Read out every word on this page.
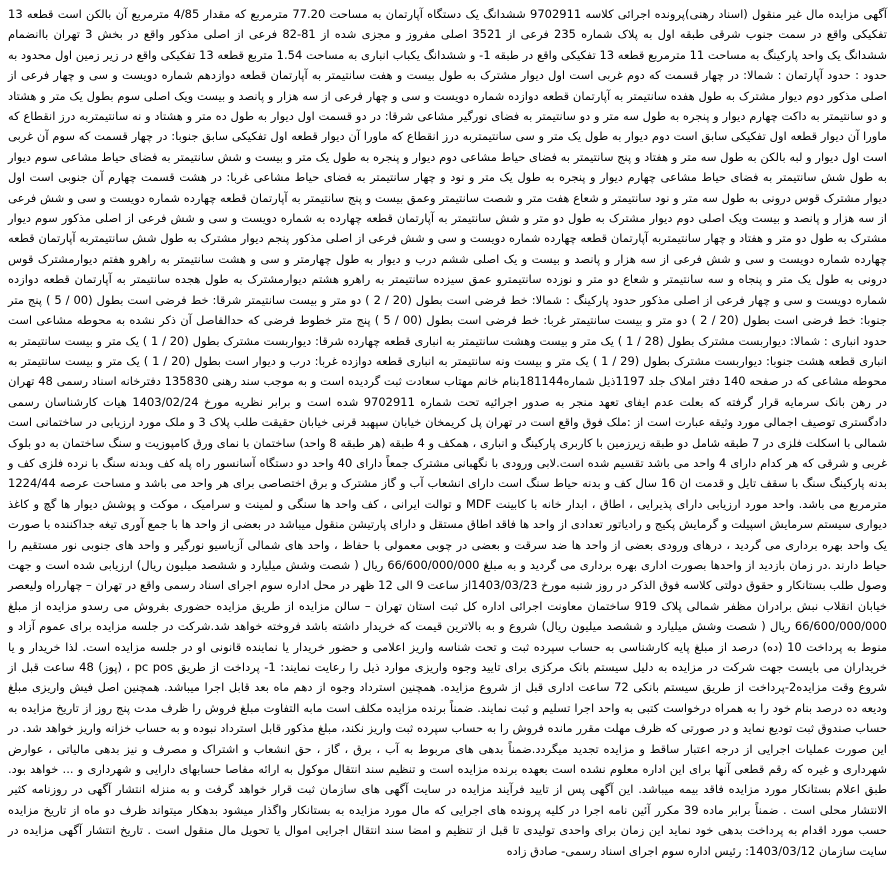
آگهی مزایده مال غیر منقول (اسناد رهنی)پرونده اجرائی کلاسه 9702911 ششدانگ یک دستگاه آپارتمان به مساحت 77.20 مترمربع که مقدار 4/85 مترمربع آن بالکن است قطعه 13 تفکیکی واقع در سمت جنوب شرقی طبقه اول به پلاک شماره 235 فرعی از 3521 اصلی مفروز و مجزی شده از 81-82 فرعی از اصلی مذکور واقع در بخش 3 تهران باانضمام ششدانگ یک واحد پارکینگ به مساحت 11 مترمربع قطعه 13 تفکیکی واقع در طبقه 1- و ششدانگ یکباب انباری به مساحت 1.54 متربع قطعه 13 تفکیکی واقع در زیر زمین اول محدود به حدود : حدود آپارتمان : شمالا: در چهار قسمت که دوم غربی است اول دیوار مشترک به طول بیست و هفت سانتیمتر به آپارتمان قطعه دوازدهم شماره دویست و سی و چهار فرعی از اصلی مذکور دوم دیوار مشترک به طول هفده سانتیمتر به آپارتمان قطعه دوازده شماره دویست و سی و چهار فرعی از سه هزار و پانصد و بیست ویک اصلی سوم بطول یک متر و هشتاد و دو سانتیمتر به داکت چهارم دیوار و پنجره به طول سه متر و دو سانتیمتر به فضای نورگیر مشاعی شرقا: در دو قسمت اول دیوار به طول ده متر و هشتاد و نه سانتیمتربه درز انقطاع که ماورا آن دیوار قطعه اول تفکیکی سابق است دوم دیوار به طول یک متر و سی سانتیمتربه درز انقطاع که ماورا آن دیوار قطعه اول تفکیکی سابق جنوبا: در چهار قسمت که سوم آن غربی است اول دیوار و لبه بالکن به طول سه متر و هفتاد و پنج سانتیمتر به فضای حیاط مشاعی دوم دیوار و پنجره به طول یک متر و بیست و شش سانتیمتر به فضای حیاط مشاعی سوم دیوار به طول شش سانتیمتر به فضای حیاط مشاعی چهارم دیوار و پنجره به طول یک متر و نود و چهار سانتیمتر به فضای حیاط مشاعی غربا: در هشت قسمت چهارم آن جنوبی است اول دیوار مشترک قوس درونی به طول سه متر و نود سانتیمتر و شعاع هفت متر و شصت سانتیمتر وعمق بیست و پنج سانتیمتر به آپارتمان قطعه چهارده شماره دویست و سی و شش فرعی از سه هزار و پانصد و بیست ویک اصلی دوم دیوار مشترک به طول دو متر و شش سانتیمتر به آپارتمان قطعه چهارده به شماره دویست و سی و شش فرعی از اصلی مذکور سوم دیوار مشترک به طول دو متر و هفتاد و چهار سانتیمتربه آپارتمان قطعه چهارده شماره دویست و سی و شش فرعی از اصلی مذکور پنجم دیوار مشترک به طول شش سانتیمتربه آپارتمان قطعه چهارده شماره دویست و سی و شش فرعی از سه هزار و پانصد و بیست و یک اصلی ششم درب و دیوار به طول چهارمتر و سی و هشت سانتیمتر به راهرو هفتم دیوارمشترک قوس درونی به طول یک متر و پنجاه و سه سانتیمتر و شعاع دو متر و نوزده سانتیمترو عمق سیزده سانتیمتر به راهرو هشتم دیوارمشترک به طول هجده سانتیمتر به آپارتمان قطعه دوازده شماره دویست و سی و چهار فرعی از اصلی مذکور حدود پارکینگ : شمالا: خط فرضی است بطول (20 / 2 ) دو متر و بیست سانتیمتر شرقا: خط فرضی است بطول (00 / 5 ) پنج متر جنوبا: خط فرضی است بطول (20 / 2 ) دو متر و بیست سانتیمتر غربا: خط فرضی است بطول (00 / 5 ) پنج متر خطوط فرضی که حدالفاصل آن ذکر نشده به محوطه مشاعی است حدود انباری : شمالا: دیواربست مشترک بطول (28 / 1 ) یک متر و بیست وهشت سانتیمتر به انباری قطعه چهارده شرقا: دیواربست مشترک بطول (20 / 1 ) یک متر و بیست سانتیمتر به انباری قطعه هشت جنوبا: دیواربست مشترک بطول (29 / 1 ) یک متر و بیست ونه سانتیمتر به انباری قطعه دوازده غربا: درب و دیوار است بطول (20 / 1 ) یک متر و بیست سانتیمتر به محوطه مشاعی که در صفحه 140 دفتر املاک جلد 1197ذیل شماره181144بنام خانم مهتاب سعادت ثبت گردیده است و به موجب سند رهنی 135830 دفترخانه اسناد رسمی 48 تهران در رهن بانک سرمایه قرار گرفته که بعلت عدم ایفای تعهد منجر به صدور اجرائیه تحت شماره 9702911 شده است و برابر نظریه مورخ 1403/02/24 هیات کارشناسان رسمی دادگستری توصیف اجمالی مورد وثیقه عبارت است از :ملک فوق واقع است در تهران پل کریمخان خیابان سپهبد قرنی خیابان حقیقت طلب پلاک 3 و ملک مورد ارزیابی در ساختمانی است شمالی با اسکلت فلزی در 7 طبقه شامل دو طبقه زیرزمین با کاربری پارکینگ و انباری ، همکف و 4 طبقه (هر طبقه 8 واحد) ساختمان با نمای ورق کامپوزیت و سنگ ساختمان به دو بلوک غربی و شرقی که هر کدام دارای 4 واحد می باشد تقسیم شده است.لابی ورودی با نگهبانی مشترک جمعاً دارای 40 واحد دو دستگاه آسانسور راه پله کف وبدنه سنگ با نرده فلزی کف و بدنه پارکینگ سنگ با سقف تایل و قدمت ان 16 سال کف و بدنه حیاط سنگ است دارای انشعاب آب و گاز مشترک و برق اختصاصی برای هر واحد می باشد و مساحت عرصه 1224/44 مترمربع می باشد. واحد مورد ارزیابی دارای پذیرایی ، اطاق ، ابدار خانه با کابینت MDF و توالت ایرانی ، کف واحد ها سنگی و لمینت و سرامیک ، موکت و پوشش دیوار ها گچ و کاغذ دیواری سیستم سرمایش اسپیلت و گرمایش پکیج و رادیاتور تعدادی از واحد ها فاقد اطاق مستقل و دارای پارتیشن منقول میباشد در بعضی از واحد ها با جمع آوری تیغه جداکننده با صورت یک واحد بهره برداری می گردید ، درهای ورودی بعضی از واحد ها ضد سرقت و بعضی در چوبی معمولی با حفاظ ، واحد های شمالی آزیاسیو نورگیر و واحد های جنوبی نور مستقیم را حیاط دارند .در زمان بازدید از واحدها بصورت اداری بهره برداری می گردید و به مبلغ 66/600/000/000 ریال ( شصت وشش میلیارد و ششصد میلیون ریال) ارزیابی شده است و جهت وصول طلب بستانکار و حقوق دولتی کلاسه فوق الذکر در روز شنبه مورخ 1403/03/23از ساعت 9 الی 12 ظهر در محل اداره سوم اجرای اسناد رسمی واقع در تهران – چهارراه ولیعصر خیابان انقلاب نبش برادران مظفر شمالی پلاک 919 ساختمان معاونت اجرائی اداره کل ثبت استان تهران – سالن مزایده از طریق مزایده حضوری بفروش می رسدو مزایده از مبلغ 66/600/000/000 ریال ( شصت وشش میلیارد و ششصد میلیون ریال) شروع و به بالاترین قیمت که خریدار داشته باشد فروخته خواهد شد.شرکت در جلسه مزایده برای عموم آزاد و منوط به پرداخت 10 (ده) درصد از مبلغ پایه کارشناسی به حساب سپرده ثبت و تحت شناسه واریز اعلامی و حضور خریدار یا نماینده قانونی او در جلسه مزایده است. لذا خریدار و یا خریداران می بایست جهت شرکت در مزایده به دلیل سیستم بانک مرکزی برای تایید وجوه واریزی موارد ذیل را رعایت نمایند: 1- پرداخت از طریق pc pos ، (پوز) 48 ساعت قبل از شروع وقت مزایده2-پرداخت از طریق سیستم بانکی 72 ساعت اداری قبل از شروع مزایده. همچنین استرداد وجوه از دهم ماه بعد قابل اجرا میباشد. همچنین اصل فیش واریزی مبلغ ودیعه ده درصد بنام خود را به همراه درخواست کتبی به واحد اجرا تسلیم و ثبت نمایند. ضمناً برنده مزایده مکلف است مابه التفاوت مبلغ فروش را ظرف مدت پنج روز از تاریخ مزایده به حساب صندوق ثبت تودیع نماید و در صورتی که ظرف مهلت مقرر مانده فروش را به حساب سپرده ثبت واریز نکند، مبلغ مذکور قابل استرداد نبوده و به حساب خزانه واریز خواهد شد. در این صورت عملیات اجرایی از درجه اعتبار ساقط و مزایده تجدید میگردد.ضمناً بدهی های مربوط به آب ، برق ، گاز ، حق انشعاب و اشتراک و مصرف و نیز بدهی مالیاتی ، عوارض شهرداری و غیره که رقم قطعی آنها برای این اداره معلوم نشده است بعهده برنده مزایده است و تنظیم سند انتقال موکول به ارائه مفاصا حسابهای دارایی و شهرداری و ... خواهد بود. طبق اعلام بستانکار مورد مزایده فاقد بیمه میباشد. این آگهی پس از تایید فرآیند مزایده در سایت آگهی های سازمان ثبت قرار خواهد گرفت و به منزله انتشار آگهی در روزنامه کثیر الانتشار محلی است . ضمناً برابر ماده 39 مکرر آئین نامه اجرا در کلیه پرونده های اجرایی که مال مورد مزایده به بستانکار واگذار میشود بدهکار میتواند ظرف دو ماه از تاریخ مزایده حسب مورد اقدام به پرداخت بدهی خود نماید این زمان برای واحدی تولیدی تا قبل از تنظیم و امضا سند انتقال اجرایی اموال یا تحویل مال منقول است . تاریخ انتشار آگهی مزایده در سایت سازمان 1403/03/12: رئیس اداره سوم اجرای اسناد رسمی- صادق زاده
